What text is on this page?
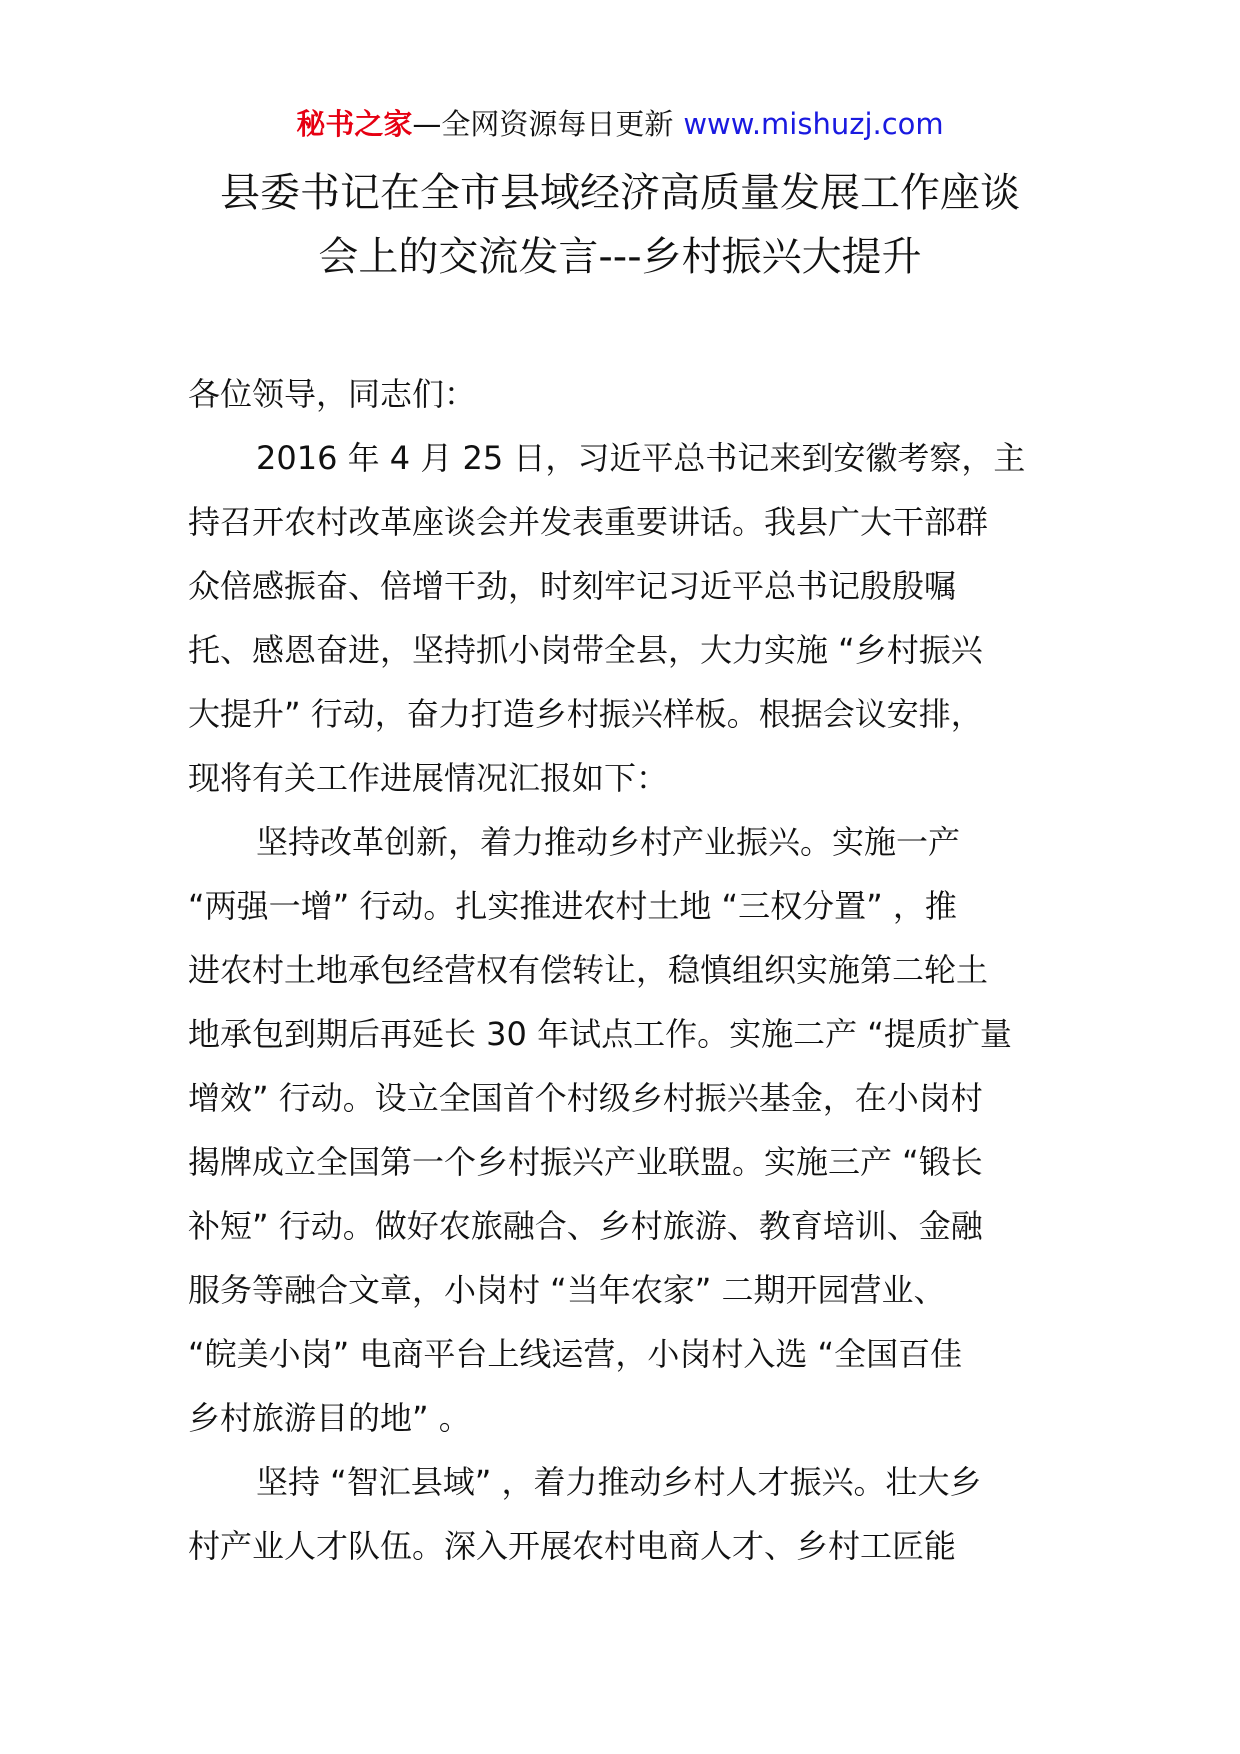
秘书之家—全网资源每日更新 www.mishuzj.com
县委书记在全市县域经济高质量发展工作座谈
会上的交流发言---乡村振兴大提升

各位领导，同志们：

2016 年 4 月 25 日，习近平总书记来到安徽考察，主
持召开农村改革座谈会并发表重要讲话。我县广大干部群
众倍感振奋、倍增干劲，时刻牢记习近平总书记殷殷嘱
托、感恩奋进，坚持抓小岗带全县，大力实施 “乡村振兴
大提升” 行动，奋力打造乡村振兴样板。根据会议安排，
现将有关工作进展情况汇报如下：

坚持改革创新，着力推动乡村产业振兴。实施一产
“两强一增” 行动。扎实推进农村土地 “三权分置” ，推
进农村土地承包经营权有偿转让，稳慎组织实施第二轮土
地承包到期后再延长 30 年试点工作。实施二产 “提质扩量
增效” 行动。设立全国首个村级乡村振兴基金，在小岗村
揭牌成立全国第一个乡村振兴产业联盟。实施三产 “锻长
补短” 行动。做好农旅融合、乡村旅游、教育培训、金融
服务等融合文章，小岗村 “当年农家” 二期开园营业、
“皖美小岗” 电商平台上线运营，小岗村入选 “全国百佳
乡村旅游目的地” 。

坚持 “智汇县域” ，着力推动乡村人才振兴。壮大乡
村产业人才队伍。深入开展农村电商人才、乡村工匠能
